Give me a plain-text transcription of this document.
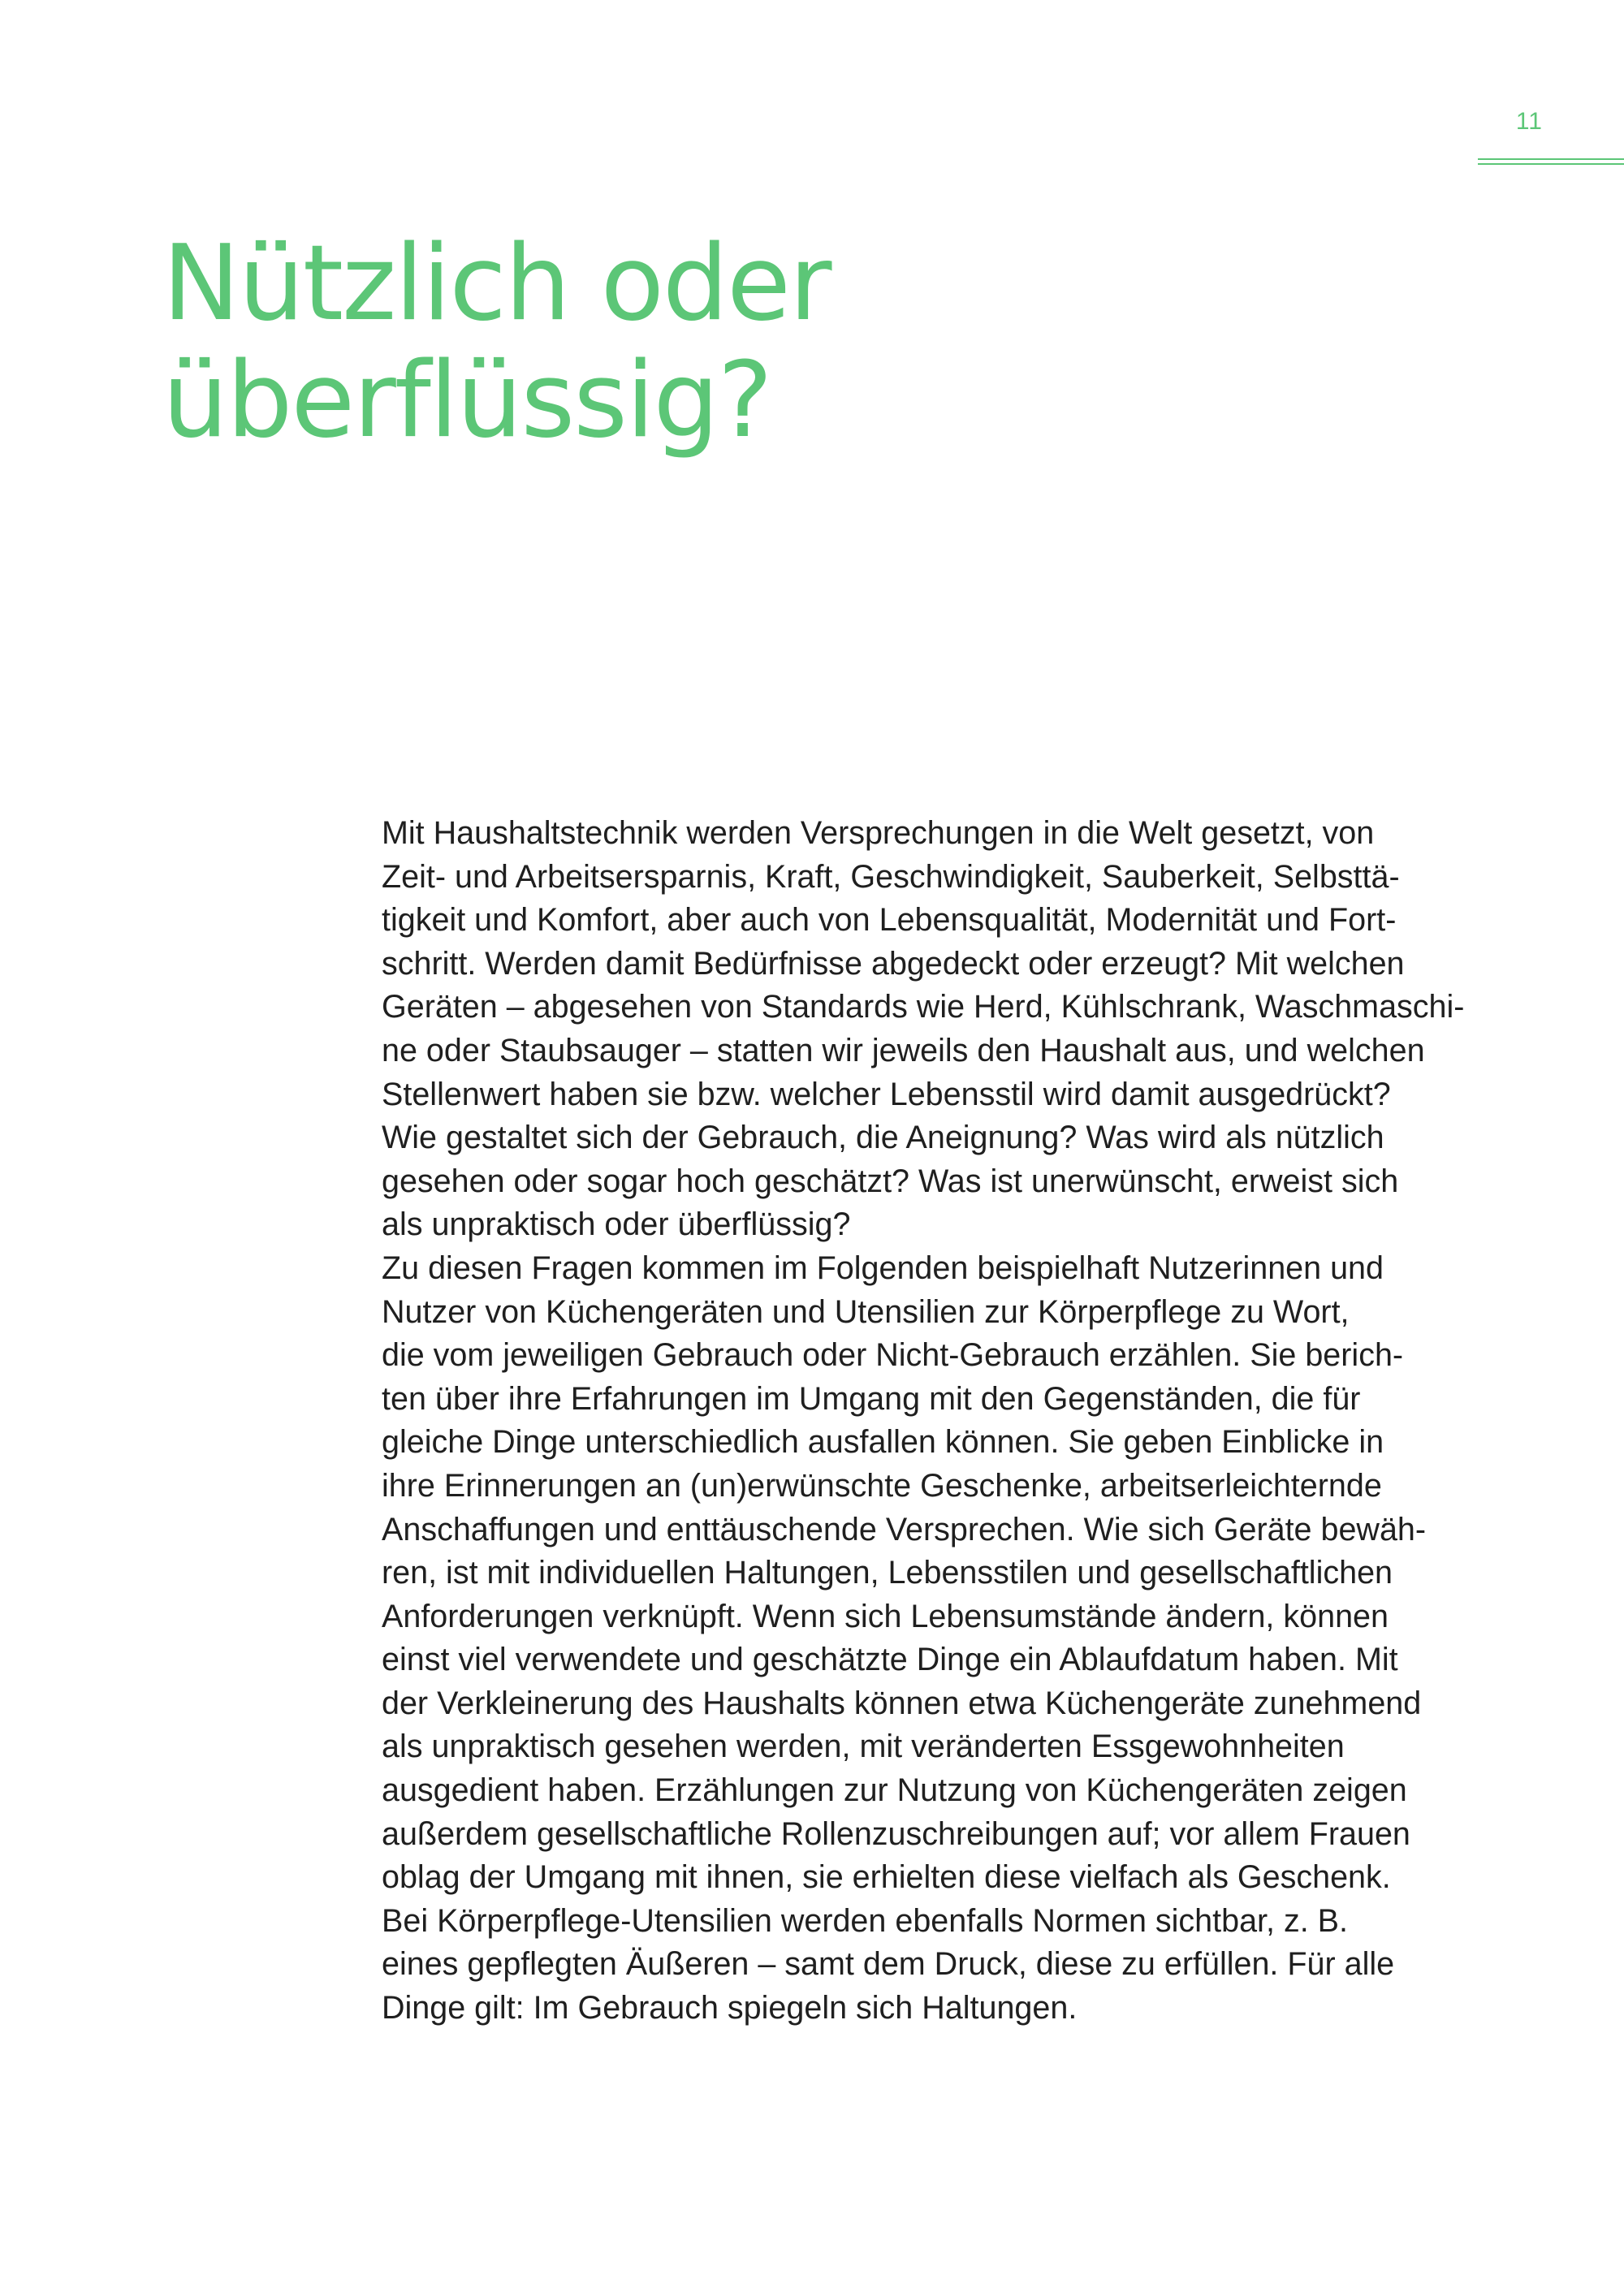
11
Nützlich oder
überflüssig?
Mit Haushaltstechnik werden Versprechungen in die Welt gesetzt, von
Zeit- und Arbeitsersparnis, Kraft, Geschwindigkeit, Sauberkeit, Selbsttä-
tigkeit und Komfort, aber auch von Lebensqualität, Modernität und Fort-
schritt. Werden damit Bedürfnisse abgedeckt oder erzeugt? Mit welchen
Geräten – abgesehen von Standards wie Herd, Kühlschrank, Waschmaschi-
ne oder Staubsauger – statten wir jeweils den Haushalt aus, und welchen
Stellenwert haben sie bzw. welcher Lebensstil wird damit ausgedrückt?
Wie gestaltet sich der Gebrauch, die Aneignung? Was wird als nützlich
gesehen oder sogar hoch geschätzt? Was ist unerwünscht, erweist sich
als unpraktisch oder überflüssig?
Zu diesen Fragen kommen im Folgenden beispielhaft Nutzerinnen und
Nutzer von Küchengeräten und Utensilien zur Körperpflege zu Wort,
die vom jeweiligen Gebrauch oder Nicht-Gebrauch erzählen. Sie berich-
ten über ihre Erfahrungen im Umgang mit den Gegenständen, die für
gleiche Dinge unterschiedlich ausfallen können. Sie geben Einblicke in
ihre Erinnerungen an (un)erwünschte Geschenke, arbeitserleichternde
Anschaffungen und enttäuschende Versprechen. Wie sich Geräte bewäh-
ren, ist mit individuellen Haltungen, Lebensstilen und gesellschaftlichen
Anforderungen verknüpft. Wenn sich Lebensumstände ändern, können
einst viel verwendete und geschätzte Dinge ein Ablaufdatum haben. Mit
der Verkleinerung des Haushalts können etwa Küchengeräte zunehmend
als unpraktisch gesehen werden, mit veränderten Essgewohnheiten
ausgedient haben. Erzählungen zur Nutzung von Küchengeräten zeigen
außerdem gesellschaftliche Rollenzuschreibungen auf; vor allem Frauen
oblag der Umgang mit ihnen, sie erhielten diese vielfach als Geschenk.
Bei Körperpflege-Utensilien werden ebenfalls Normen sichtbar, z. B.
eines gepflegten Äußeren – samt dem Druck, diese zu erfüllen. Für alle
Dinge gilt: Im Gebrauch spiegeln sich Haltungen.
